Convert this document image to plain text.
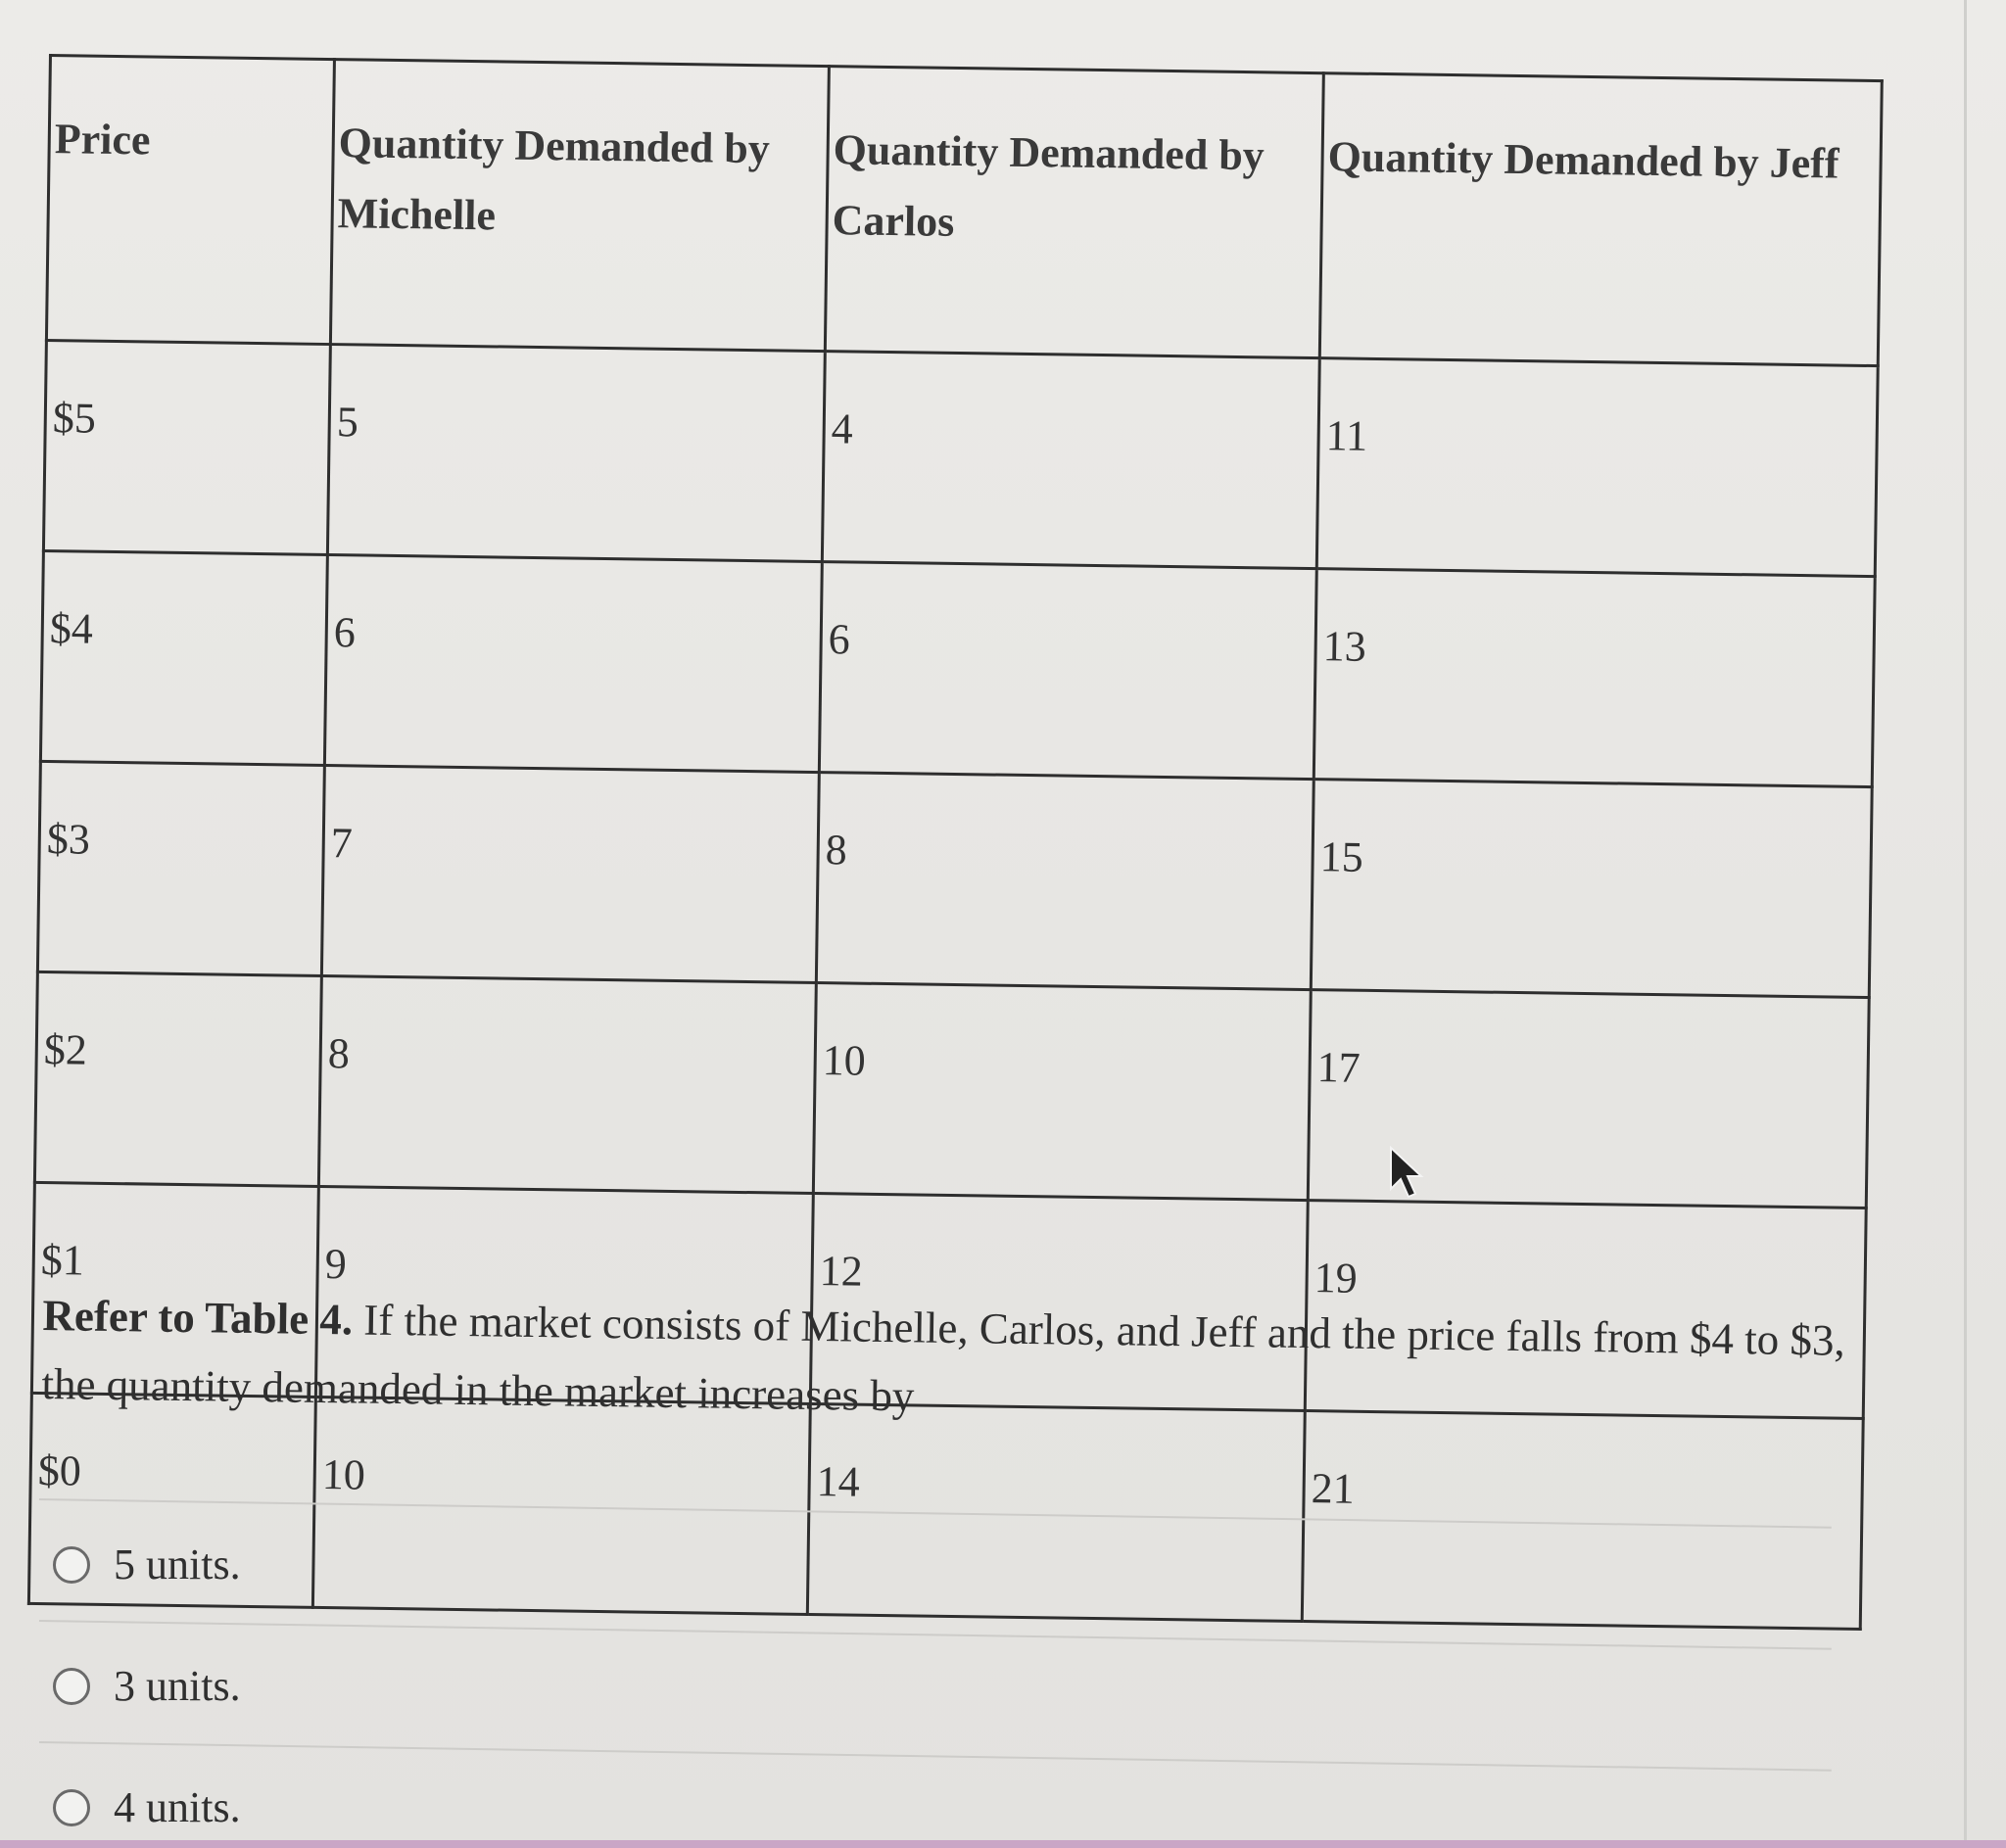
Price	Quantity Demanded by Michelle	Quantity Demanded by Carlos	Quantity Demanded by Jeff
$5	5	4	11
$4	6	6	13
$3	7	8	15
$2	8	10	17
$1	9	12	19
$0	10	14	21
Refer to Table 4. If the market consists of Michelle, Carlos, and Jeff and the price falls from $4 to $3, the quantity demanded in the market increases by
5 units.
3 units.
4 units.
